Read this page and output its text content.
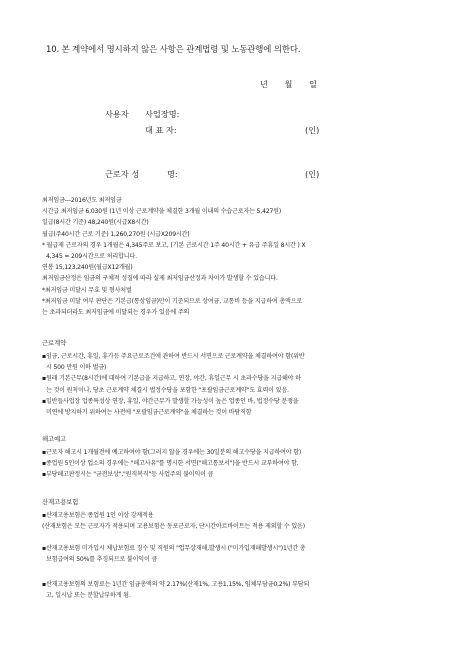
10. 본 계약에서 명시하지 않은 사항은 관계법령 및 노동관행에 의한다.
년 월 일
사용자 사업장명:
대 표 자:	(인)
근로자 성	명:	(인)
최저임금---2016년도 최저임금
시간급 최저임금 6,030원 (1년 이상 근로계약을 체결한 3개월 이내의 수습근로자는 5,427원)
일급(8시간 기준) 48,240원(시급X8시간)
월급(주40시간 근로 기준) 1,260,270원 (시급X209시간)
* 월급제 근로자의 경우 1개월은 4,345주로 보고, (기본 근로시간 1주 40시간 + 유급 주휴일 8시간 ) X
4,345 = 209시간으로 처리합니다.
연봉 15,123,240원(월급X12개월)
최저임금산정은 임금의 구체적 성질에 따라 실제 최저임금산정과 차이가 발생할 수 있습니다.
*최저임금 미달시 무효 및 형사처벌
*최저임금 미달 여부 판단은 기본급(통상임금)만이 기준되므로 상여금, 교통비 등을 지급하여 총액으로
는 초과되더라도 최저임금에 미달되는 경우가 있음에 주의
근로계약
▪임금, 근로시간, 휴일, 휴가등 주요근로조건에 관하여 반드시 서면으로 근로계약을 체결하여야 함(위반
시 500 만원 이하 벌금)
▪원래 기본근무(8시간)에 대하여 기본급을 지급하고, 연장, 야간, 휴일근무 시 초과수당을 지급해야 하
는 것이 원칙이나, 당초 근로계약 체결시 법정수당을 포함한 "포괄임금근로계약"도 효력이 있음.
▪일반들사업장 업종특성상 연장, 휴일, 야간근무가 발생할 가능성이 높은 업종인 바, 법정수당 분쟁을
미연에 방지하기 위하여는 사전에 "포괄임금근로계약"을 체결하는 것이 바람직함
해고예고
▪근로자 해고시 1개월전에 예고하여야 함(그러지 않을 경우에는 30일분의 해고수당을 지급하여야 함)
▪종업원 5인이상 업소의 경우에는 "해고사유"를 명시한 서면("해고통보서")을 반드시 교부하여야 함.
▪부당해고판정시는 "금전보상","원직복직"등 사업주의 불이익이 큼
산재고용보험
▪산재고용보험은 종업원 1인 이상 강제적용
(산재보험은 모든 근로자가 적용되며 고용보험은 동포근로자, 단시간아르바이트는 적용 제외할 수 있음)
▪산재고용보험 미가입시 체납보험료 징수 및 직원의 "업무상재해,발생시 ("미가입재해발생시")1년간 총
보험급여의 50%를 추징되므로 불이익이 큼
▪산재고용보험의 보험료는 1년간 임금총액의 약 2.17%(산재1%, 고용1,15%, 임체부담금0,2%) 부담되
고, 일시납 또는 분할납부하게 됨.
